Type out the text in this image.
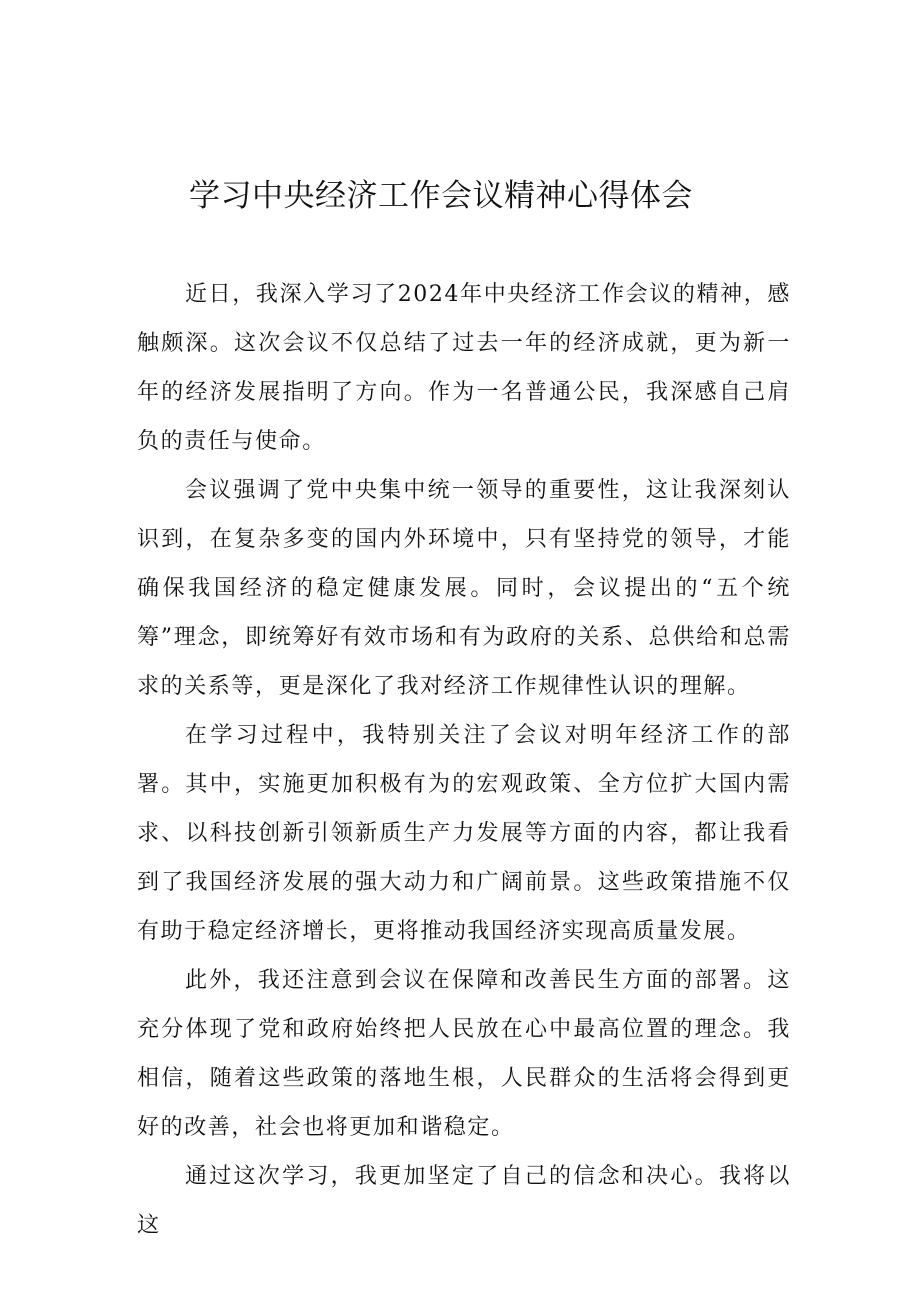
学习中央经济工作会议精神心得体会

近日，我深入学习了2024年中央经济工作会议的精神，感触颇深。这次会议不仅总结了过去一年的经济成就，更为新一年的经济发展指明了方向。作为一名普通公民，我深感自己肩负的责任与使命。

会议强调了党中央集中统一领导的重要性，这让我深刻认识到，在复杂多变的国内外环境中，只有坚持党的领导，才能确保我国经济的稳定健康发展。同时，会议提出的“五个统筹”理念，即统筹好有效市场和有为政府的关系、总供给和总需求的关系等，更是深化了我对经济工作规律性认识的理解。

在学习过程中，我特别关注了会议对明年经济工作的部署。其中，实施更加积极有为的宏观政策、全方位扩大国内需求、以科技创新引领新质生产力发展等方面的内容，都让我看到了我国经济发展的强大动力和广阔前景。这些政策措施不仅有助于稳定经济增长，更将推动我国经济实现高质量发展。

此外，我还注意到会议在保障和改善民生方面的部署。这充分体现了党和政府始终把人民放在心中最高位置的理念。我相信，随着这些政策的落地生根，人民群众的生活将会得到更好的改善，社会也将更加和谐稳定。

通过这次学习，我更加坚定了自己的信念和决心。我将以这
